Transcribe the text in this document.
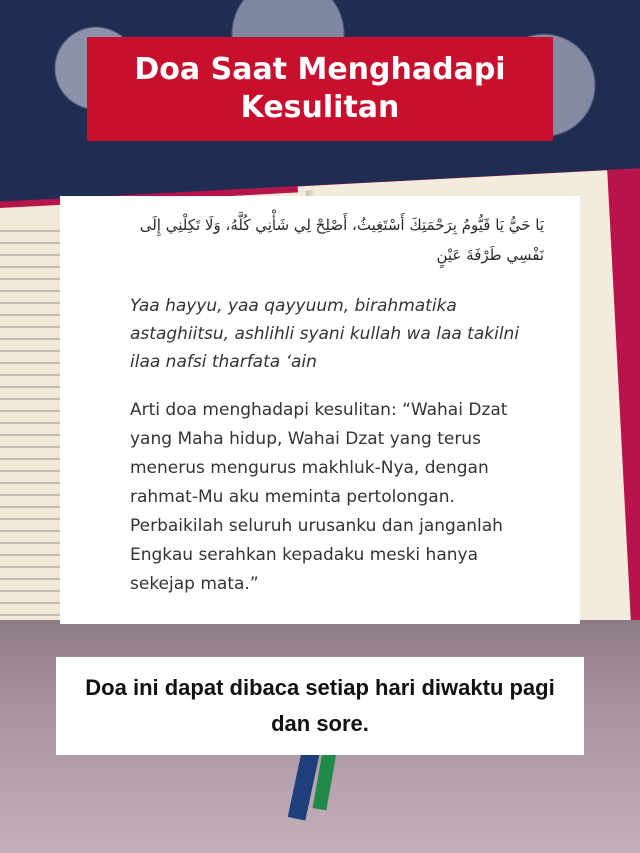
Doa Saat Menghadapi
Kesulitan

يَا حَيُّ يَا قَيُّومُ بِرَحْمَتِكَ أَسْتَغِيثُ، أَصْلِحْ لِي شَأْنِي كُلَّهُ، وَلَا تَكِلْنِي إِلَى نَفْسِي طَرْفَةَ عَيْنٍ

Yaa hayyu, yaa qayyuum, birahmatika astaghiitsu, ashlihli syani kullah wa laa takilni ilaa nafsi tharfata ‘ain

Arti doa menghadapi kesulitan: “Wahai Dzat yang Maha hidup, Wahai Dzat yang terus menerus mengurus makhluk-Nya, dengan rahmat-Mu aku meminta pertolongan. Perbaikilah seluruh urusanku dan janganlah Engkau serahkan kepadaku meski hanya sekejap mata.”

Doa ini dapat dibaca setiap hari diwaktu pagi dan sore.
